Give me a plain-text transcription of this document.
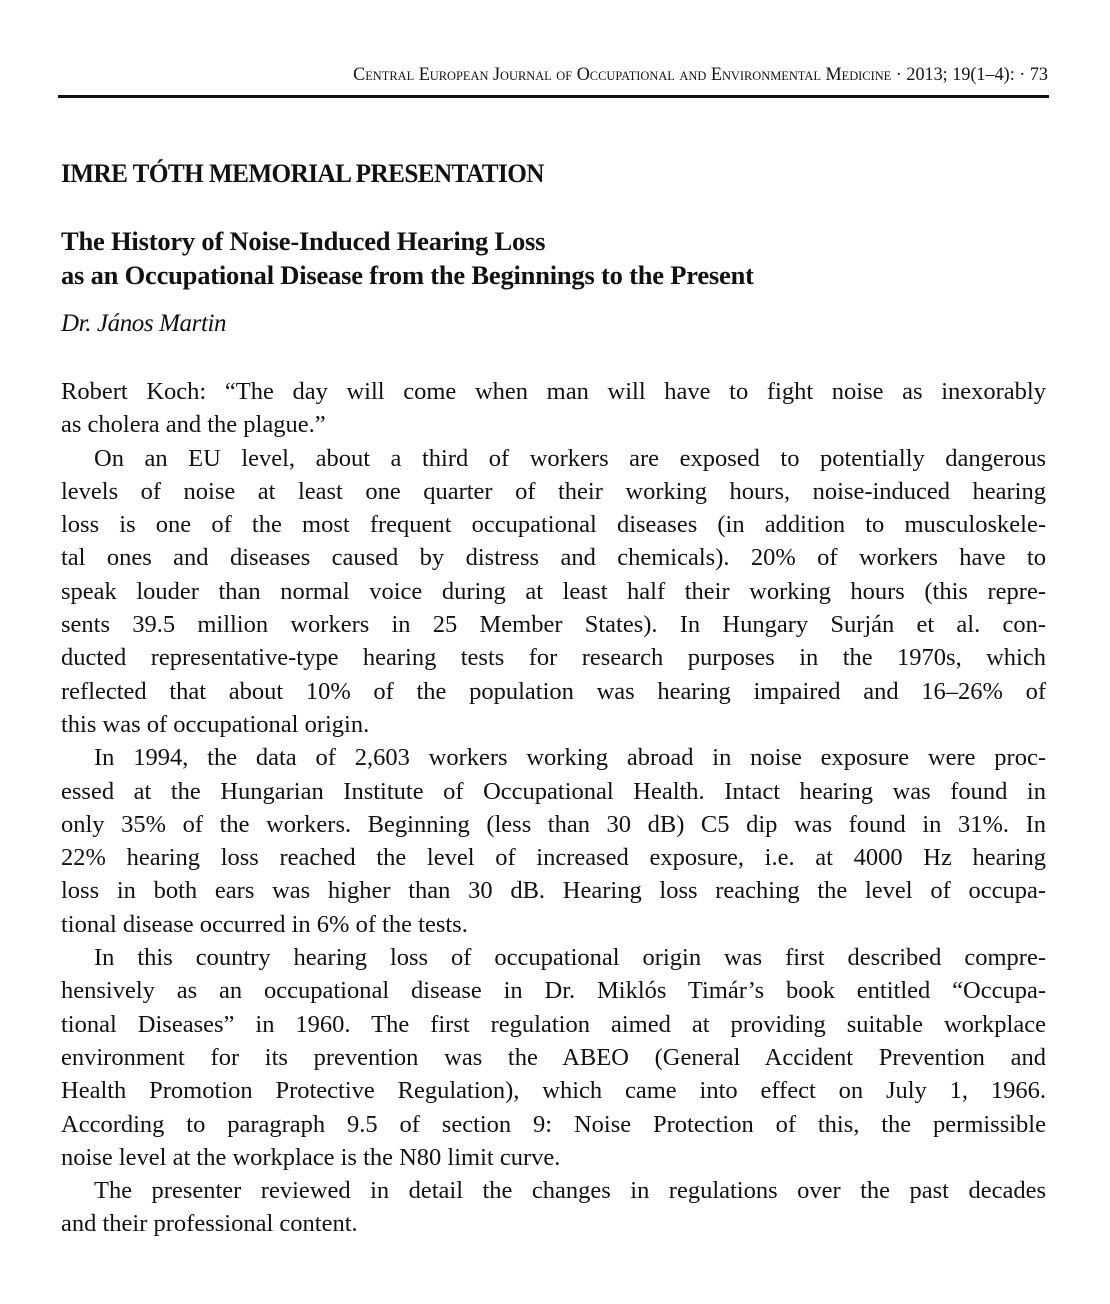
Central European Journal of Occupational and Environmental Medicine · 2013; 19(1–4): · 73
IMRE TÓTH MEMORIAL PRESENTATION
The History of Noise-Induced Hearing Loss
as an Occupational Disease from the Beginnings to the Present
Dr. János Martin
Robert Koch: “The day will come when man will have to fight noise as inexorably
as cholera and the plague.”
On an EU level, about a third of workers are exposed to potentially dangerous
levels of noise at least one quarter of their working hours, noise-induced hearing
loss is one of the most frequent occupational diseases (in addition to musculoskele-
tal ones and diseases caused by distress and chemicals). 20% of workers have to
speak louder than normal voice during at least half their working hours (this repre-
sents 39.5 million workers in 25 Member States). In Hungary Surján et al. con-
ducted representative-type hearing tests for research purposes in the 1970s, which
reflected that about 10% of the population was hearing impaired and 16–26% of
this was of occupational origin.
In 1994, the data of 2,603 workers working abroad in noise exposure were proc-
essed at the Hungarian Institute of Occupational Health. Intact hearing was found in
only 35% of the workers. Beginning (less than 30 dB) C5 dip was found in 31%. In
22% hearing loss reached the level of increased exposure, i.e. at 4000 Hz hearing
loss in both ears was higher than 30 dB. Hearing loss reaching the level of occupa-
tional disease occurred in 6% of the tests.
In this country hearing loss of occupational origin was first described compre-
hensively as an occupational disease in Dr. Miklós Timár’s book entitled “Occupa-
tional Diseases” in 1960. The first regulation aimed at providing suitable workplace
environment for its prevention was the ABEO (General Accident Prevention and
Health Promotion Protective Regulation), which came into effect on July 1, 1966.
According to paragraph 9.5 of section 9: Noise Protection of this, the permissible
noise level at the workplace is the N80 limit curve.
The presenter reviewed in detail the changes in regulations over the past decades
and their professional content.
